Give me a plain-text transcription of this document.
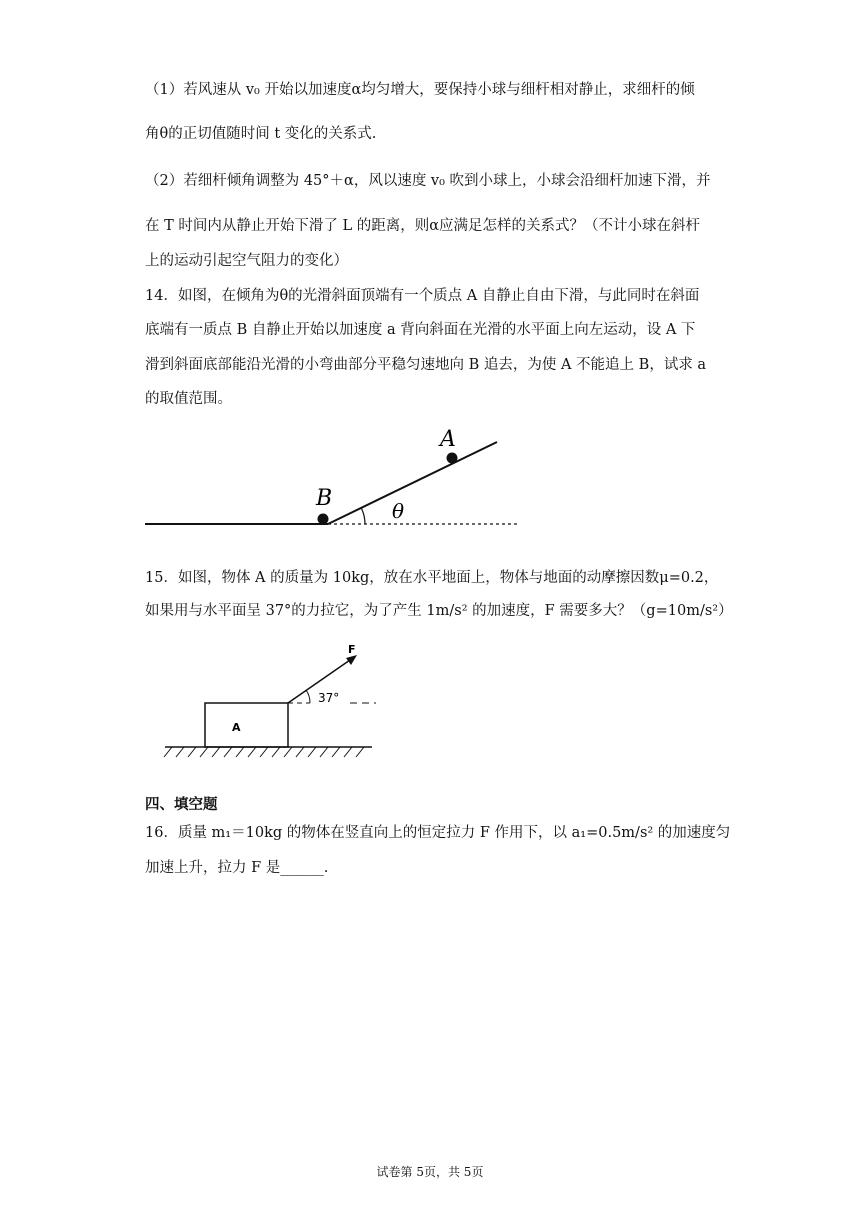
（1）若风速从 v₀ 开始以加速度α均匀增大，要保持小球与细杆相对静止，求细杆的倾
角θ的正切值随时间 t 变化的关系式.
（2）若细杆倾角调整为 45°＋α，风以速度 v₀ 吹到小球上，小球会沿细杆加速下滑，并
在 T 时间内从静止开始下滑了 L 的距离，则α应满足怎样的关系式？（不计小球在斜杆
上的运动引起空气阻力的变化）
14．如图，在倾角为θ的光滑斜面顶端有一个质点 A 自静止自由下滑，与此同时在斜面
底端有一质点 B 自静止开始以加速度 a 背向斜面在光滑的水平面上向左运动，设 A 下
滑到斜面底部能沿光滑的小弯曲部分平稳匀速地向 B 追去，为使 A 不能追上 B，试求 a
的取值范围。
B
A
θ
15．如图，物体 A 的质量为 10kg，放在水平地面上，物体与地面的动摩擦因数μ=0.2，
如果用与水平面呈 37°的力拉它，为了产生 1m/s² 的加速度，F 需要多大？（g=10m/s²）
A
F
37°
四、填空题
16．质量 m₁＝10kg 的物体在竖直向上的恒定拉力 F 作用下，以 a₁=0.5m/s² 的加速度匀
加速上升，拉力 F 是______.
试卷第 5页，共 5页
